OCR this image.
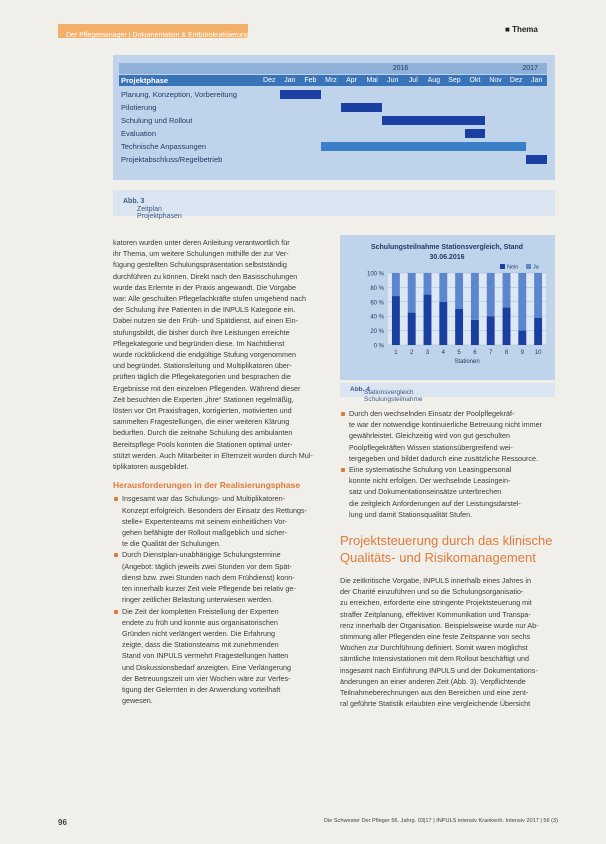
Der Pflegemanager | Dokumentation & Entbürokratisierung
■ Thema
2016	2017
Projektphase	Dez	Jan	Feb	Mrz	Apr	Mai	Jun	Jul	Aug	Sep	Okt	Nov	Dez	Jan
Planung, Konzeption, Vorbereitung
Pilotierung
Schulung und Rollout
Evaluation
Technische Anpassungen
Projektabschluss/Regelbetrieb
Abb. 3
Zeitplan Projektphasen

katoren wurden unter deren Anleitung verantwortlich für

ihr Thema, um weitere Schulungen mithilfe der zur Ver-

fügung gestellten Schulungspräsentation selbstständig

durchführen zu können. Direkt nach den Basisschulungen

wurde das Erlernte in der Praxis angewandt. Die Vorgabe

war: Alle geschulten Pflegefachkräfte stufen umgehend nach

der Schulung ihre Patienten in die INPULS Kategorie ein.

Dabei nutzen sie den Früh- und Spätdienst, auf einen Ein-

stufungsbildt, die bisher durch ihre Leistungen erreichte

Pflegekategorie und begründen diese. Im Nachtdienst

wurde rückblickend die endgültige Stufung vorgenommen

und begründet. Stationsleitung und Multiplikatoren über-

prüften täglich die Pflegekategorien und besprachen die

Ergebnisse mit den einzelnen Pflegenden. Während dieser

Zeit besuchten die Experten „ihre“ Stationen regelmäßig,

lösten vor Ort Praxisfragen, korrigierten, motivierten und

sammelten Fragestellungen, die einer weiteren Klärung

bedurften. Durch die zeitnahe Schulung des ambulanten

Bereitspflege Pools konnten die Stationen optimal unter-

stützt werden. Auch Mitarbeiter in Elternzeit wurden durch Mul-

tiplikatoren ausgebildet.

Herausforderungen in der Realisierungsphase

Insgesamt war das Schulungs- und Multiplikatoren-

Konzept erfolgreich. Besonders der Einsatz des Rettungs-

stelle+ Expertenteams mit seinem einheitlichen Vor-

gehen befähigte der Rollout maßgeblich und sicher-

te die Qualität der Schulungen.

Durch Dienstplan-unabhängige Schulungstermine

(Angebot: täglich jeweils zwei Stunden vor dem Spät-

dienst bzw. zwei Stunden nach dem Frühdienst) konn-

ten innerhalb kurzer Zeit viele Pflegende bei relativ ge-

ringer zeitlicher Belastung unterwiesen werden.

Die Zeit der kompletten Freistellung der Experten

endete zu früh und konnte aus organisatorischen

Gründen nicht verlängert werden. Die Erfahrung

zeigte, dass die Stationsteams mit zunehmenden

Stand von INPULS vermehrt Fragestellungen hatten

und Diskussionsbedarf anzeigten. Eine Verlängerung

der Betreuungszeit um vier Wochen wäre zur Verfes-

tigung der Gelernten in der Anwendung vorteilhaft

gewesen.

Schulungsteilnahme Stationsvergleich, Stand
30.06.2016
100 %
80 %
60 %
40 %
20 %
0 %
1 2 3 4 5 6 7 8 9 10
Stationen
Nein	Ja
Abb. 4
Stationsvergleich Schulungsteilnahme

Durch den wechselnden Einsatz der Poolpflegekräf-

te war der notwendige kontinuierliche Betreuung nicht immer

gewährleistet. Gleichzeitig wird von gut geschulten

Poolpflegekräften Wissen stationsübergreifend wei-

tergegeben und bildet dadurch eine zusätzliche Ressource.

Eine systematische Schulung von Leasingpersonal

konnte nicht erfolgen. Der wechselnde Leasingein-

satz und Dokumentationseinsätze unterbrechen

die zeitgleich Anforderungen auf der Leistungsdarstel-

lung und damit Stationsqualität Stufen.

Projektsteuerung durch das klinische
Qualitäts- und Risikomanagement

Die zeitkritische Vorgabe, INPULS innerhalb eines Jahres in

der Charité einzuführen und so die Schulungsorganisatio-

zu erreichen, erforderte eine stringente Projektsteuerung mit

straffer Zeitplanung, effektiver Kommunikation und Transpa-

renz innerhalb der Organisation. Beispielsweise wurde nur Ab-

stimmung aller Pflegenden eine feste Zeitspanne von sechs

Wochen zur Durchführung definiert. Somit waren möglichst

sämtliche Intensivstationen mit dem Rollout beschäftigt und

insgesamt nach Einführung INPULS und der Dokumentations-

änderungen an einer anderen Zeit (Abb. 3). Verpflichtende

Teilnahmeberechnungen aus den Bereichen und eine zent-

ral geführte Statistik erlaubten eine vergleichende Übersicht

96	Die Schwester Der Pfleger 56. Jahrg. 03|17 | INPULS intensiv Krankenh. Intensiv 2017 | 56 (3)
